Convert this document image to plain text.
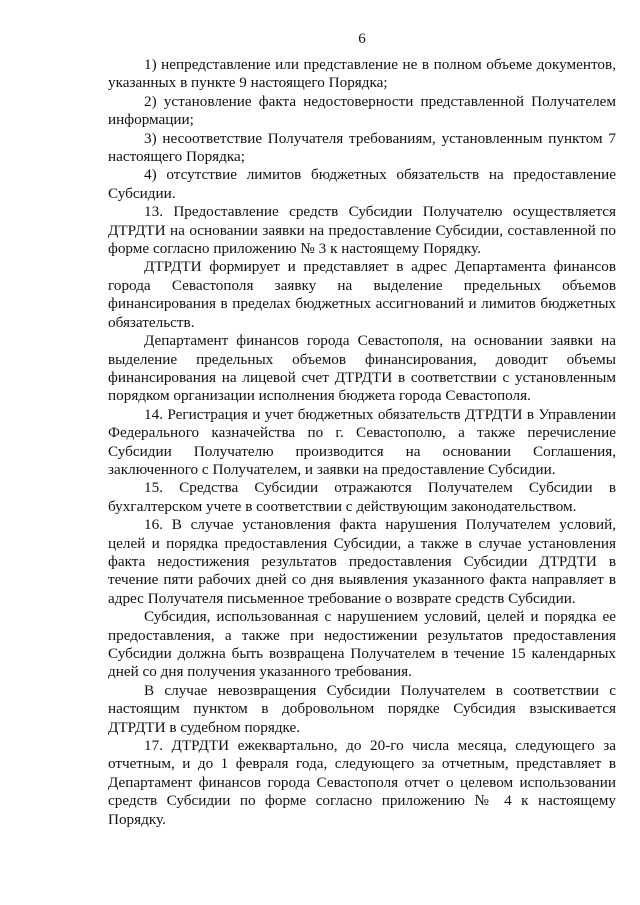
6

1) непредставление или представление не в полном объеме документов, указанных в пункте 9 настоящего Порядка;

2) установление факта недостоверности представленной Получателем информации;

3) несоответствие Получателя требованиям, установленным пунктом 7 настоящего Порядка;

4) отсутствие лимитов бюджетных обязательств на предоставление Субсидии.

13. Предоставление средств Субсидии Получателю осуществляется ДТРДТИ на основании заявки на предоставление Субсидии, составленной по форме согласно приложению № 3 к настоящему Порядку.

ДТРДТИ формирует и представляет в адрес Департамента финансов города Севастополя заявку на выделение предельных объемов финансирования в пределах бюджетных ассигнований и лимитов бюджетных обязательств.

Департамент финансов города Севастополя, на основании заявки на выделение предельных объемов финансирования, доводит объемы финансирования на лицевой счет ДТРДТИ в соответствии с установленным порядком организации исполнения бюджета города Севастополя.

14. Регистрация и учет бюджетных обязательств ДТРДТИ в Управлении Федерального казначейства по г. Севастополю, а также перечисление Субсидии Получателю производится на основании Соглашения, заключенного с Получателем, и заявки на предоставление Субсидии.

15. Средства Субсидии отражаются Получателем Субсидии в бухгалтерском учете в соответствии с действующим законодательством.

16. В случае установления факта нарушения Получателем условий, целей и порядка предоставления Субсидии, а также в случае установления факта недостижения результатов предоставления Субсидии ДТРДТИ в течение пяти рабочих дней со дня выявления указанного факта направляет в адрес Получателя письменное требование о возврате средств Субсидии.

Субсидия, использованная с нарушением условий, целей и порядка ее предоставления, а также при недостижении результатов предоставления Субсидии должна быть возвращена Получателем в течение 15 календарных дней со дня получения указанного требования.

В случае невозвращения Субсидии Получателем в соответствии с настоящим пунктом в добровольном порядке Субсидия взыскивается ДТРДТИ в судебном порядке.

17. ДТРДТИ ежеквартально, до 20-го числа месяца, следующего за отчетным, и до 1 февраля года, следующего за отчетным, представляет в Департамент финансов города Севастополя отчет о целевом использовании средств Субсидии по форме согласно приложению № 4 к настоящему Порядку.
